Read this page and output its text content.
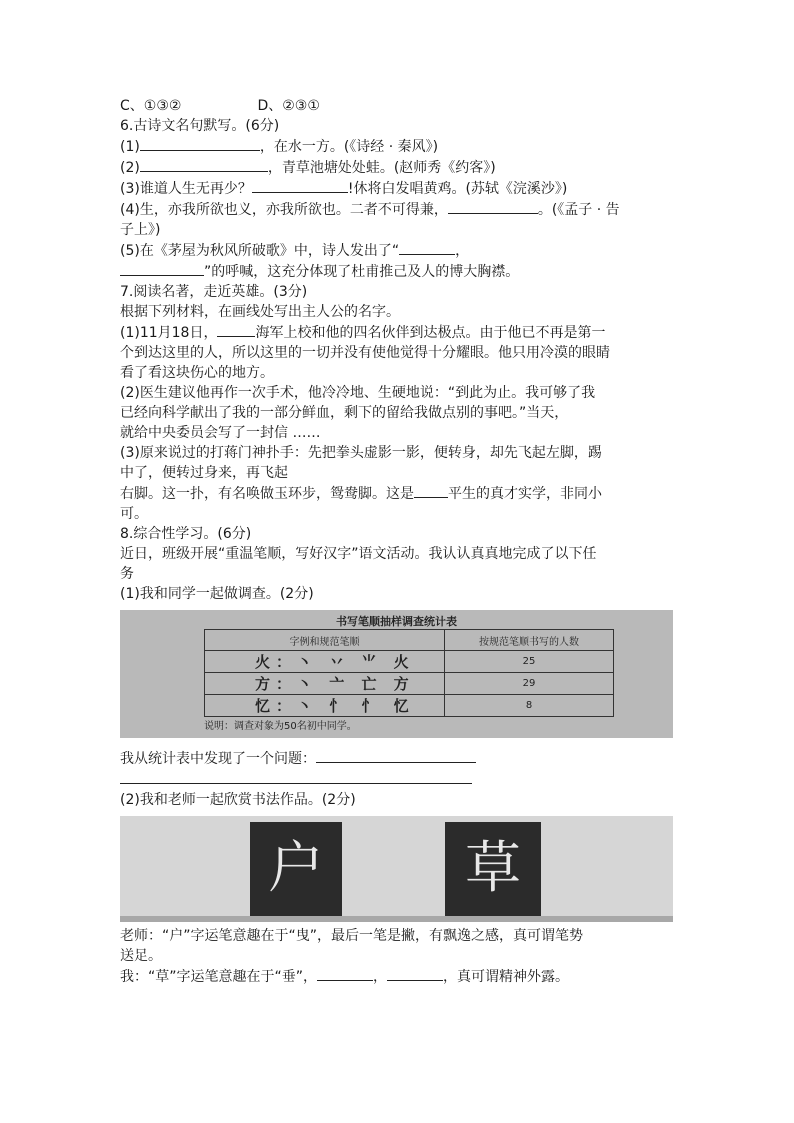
C、①③②	D、②③①
6.古诗文名句默写。(6分)
(1)	，在水一方。(《诗经 · 秦风》)
(2)	，青草池塘处处蛙。(赵师秀《约客》)
(3)谁道人生无再少？	!休将白发唱黄鸡。(苏轼《浣溪沙》)
(4)生，亦我所欲也义，亦我所欲也。二者不可得兼，	。(《孟子 · 告
子上》)
(5)在《茅屋为秋风所破歌》中，诗人发出了“	，
”的呼喊，这充分体现了杜甫推己及人的博大胸襟。
7.阅读名著，走近英雄。(3分)
根据下列材料，在画线处写出主人公的名字。
(1)11月18日，	海军上校和他的四名伙伴到达极点。由于他已不再是第一
个到达这里的人，所以这里的一切并没有使他觉得十分耀眼。他只用冷漠的眼睛
看了看这块伤心的地方。
(2)医生建议他再作一次手术，他冷冷地、生硬地说：“到此为止。我可够了我
已经向科学献出了我的一部分鲜血，剩下的留给我做点别的事吧。”当天，
就给中央委员会写了一封信 ……
(3)原来说过的打蒋门神扑手：先把拳头虚影一影，便转身，却先飞起左脚，踢
中了，便转过身来，再飞起
右脚。这一扑，有名唤做玉环步，鸳鸯脚。这是 平生的真才实学，非同小
可。
8.综合性学习。(6分)
近日，班级开展“重温笔顺，写好汉字”语文活动。我认认真真地完成了以下任
务
(1)我和同学一起做调查。(2分)
书写笔顺抽样调查统计表
字例和规范笔顺	按规范笔顺书写的人数
火：丶 丷 ⺌ 火	25
方：丶 亠 亡 方	29
忆：丶 忄 忄 忆	8
说明：调查对象为50名初中同学。
我从统计表中发现了一个问题：
(2)我和老师一起欣赏书法作品。(2分)
户	草
老师：“户”字运笔意趣在于“曳”，最后一笔是撇，有飘逸之感，真可谓笔势
送足。
我：“草”字运笔意趣在于“垂”，	，	，真可谓精神外露。
